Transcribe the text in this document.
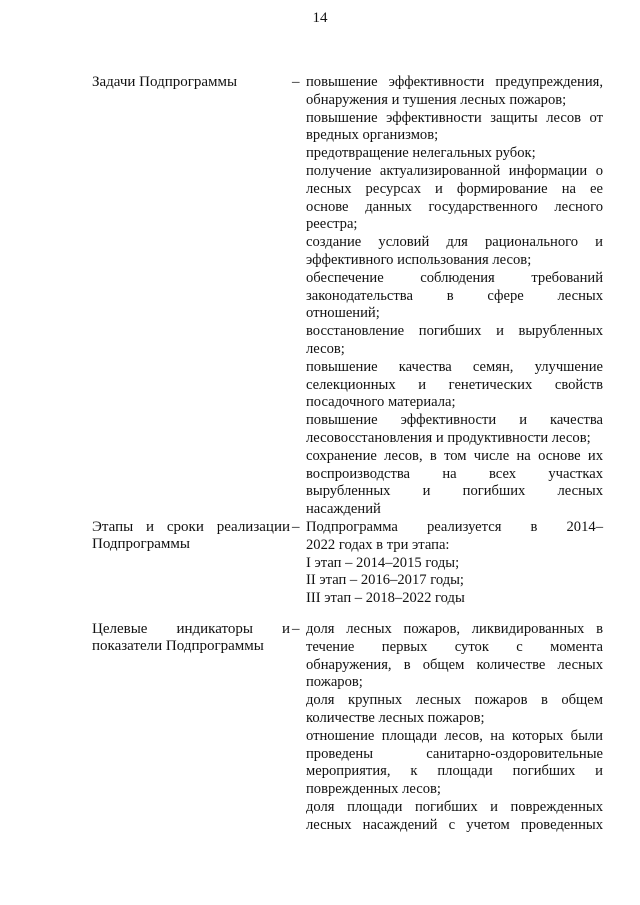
14
Задачи Подпрограммы	– повышение эффективности предупреждения,
обнаружения и тушения лесных пожаров;
повышение эффективности защиты лесов от
вредных организмов;
предотвращение нелегальных рубок;
получение актуализированной информации о
лесных ресурсах и формирование на ее
основе данных государственного лесного
реестра;
создание условий для рационального и
эффективного использования лесов;
обеспечение соблюдения требований
законодательства в сфере лесных
отношений;
восстановление погибших и вырубленных
лесов;
повышение качества семян, улучшение
селекционных и генетических свойств
посадочного материала;
повышение эффективности и качества
лесовосстановления и продуктивности лесов;
сохранение лесов, в том числе на основе их
воспроизводства на всех участках
вырубленных и погибших лесных
насаждений
Этапы и сроки реализации
Подпрограммы
– Подпрограмма реализуется в 2014–
2022 годах в три этапа:
I этап – 2014–2015 годы;
II этап – 2016–2017 годы;
III этап – 2018–2022 годы
Целевые индикаторы и
показатели Подпрограммы
– доля лесных пожаров, ликвидированных в
течение первых суток с момента
обнаружения, в общем количестве лесных
пожаров;
доля крупных лесных пожаров в общем
количестве лесных пожаров;
отношение площади лесов, на которых были
проведены санитарно-оздоровительные
мероприятия, к площади погибших и
поврежденных лесов;
доля площади погибших и поврежденных
лесных насаждений с учетом проведенных
